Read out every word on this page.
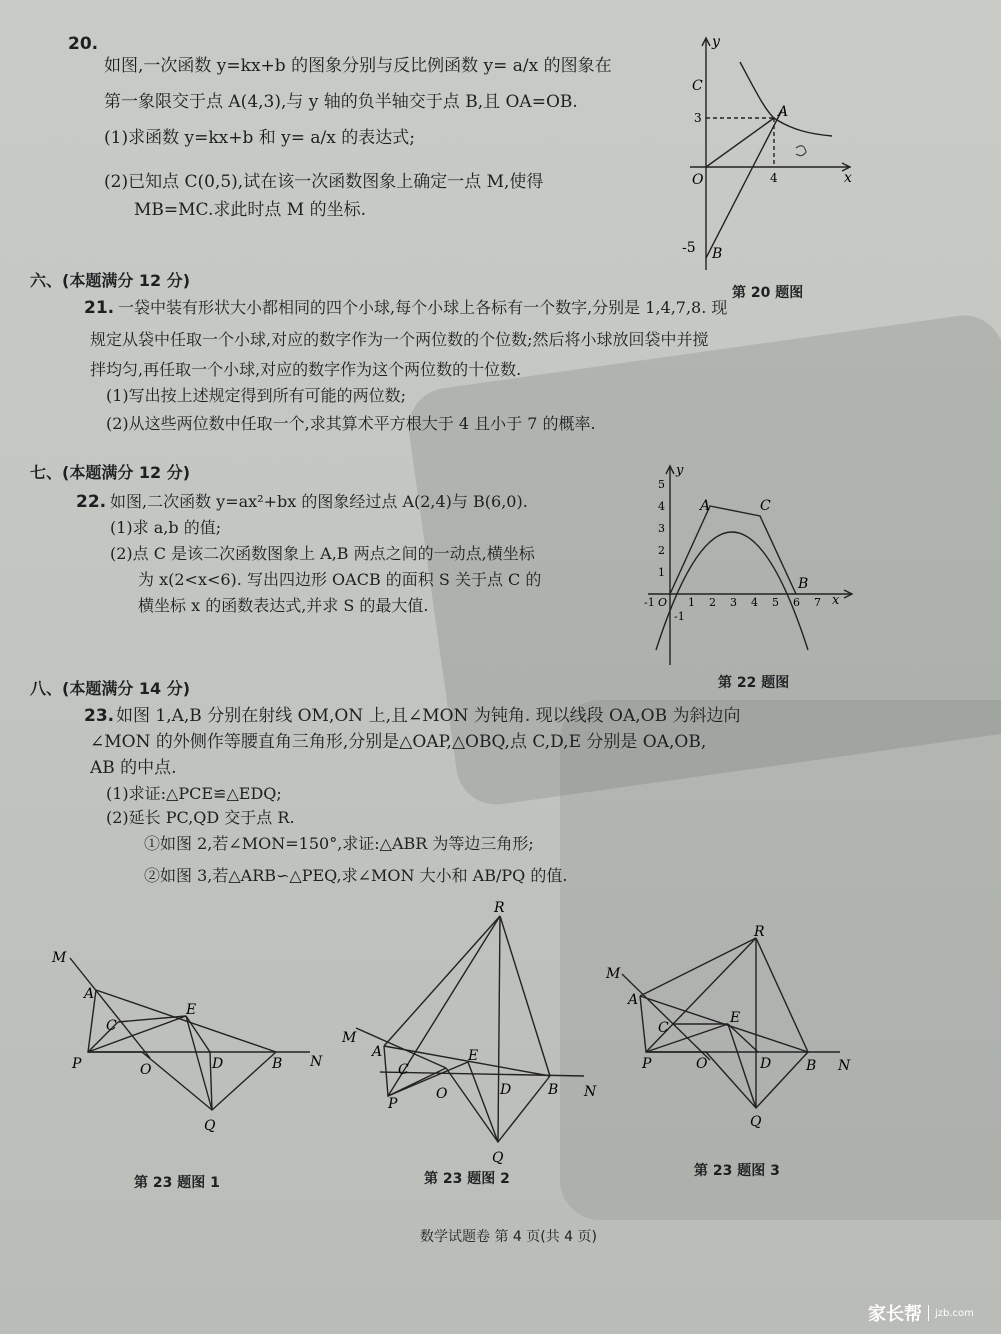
20.
如图,一次函数 y=kx+b 的图象分别与反比例函数 y= a/x 的图象在
第一象限交于点 A(4,3),与 y 轴的负半轴交于点 B,且 OA=OB.
(1)求函数 y=kx+b 和 y= a/x 的表达式;
(2)已知点 C(0,5),试在该一次函数图象上确定一点 M,使得
MB=MC.求此时点 M 的坐标.
y
x
C
A
O
B
3
4
-5
第 20 题图
六、(本题满分 12 分)
21. 一袋中装有形状大小都相同的四个小球,每个小球上各标有一个数字,分别是 1,4,7,8. 现
规定从袋中任取一个小球,对应的数字作为一个两位数的个位数;然后将小球放回袋中并搅
拌均匀,再任取一个小球,对应的数字作为这个两位数的十位数.
(1)写出按上述规定得到所有可能的两位数;
(2)从这些两位数中任取一个,求其算术平方根大于 4 且小于 7 的概率.
七、(本题满分 12 分)
22. 如图,二次函数 y=ax²+bx 的图象经过点 A(2,4)与 B(6,0).
(1)求 a,b 的值;
(2)点 C 是该二次函数图象上 A,B 两点之间的一动点,横坐标
为 x(2<x<6). 写出四边形 OACB 的面积 S 关于点 C 的
横坐标 x 的函数表达式,并求 S 的最大值.	1 2 3 4 5 6 7
1
2
3
4
5
y
x
A	C
B
-1 O
-1
第 22 题图
八、(本题满分 14 分)
23. 如图 1,A,B 分别在射线 OM,ON 上,且∠MON 为钝角. 现以线段 OA,OB 为斜边向
∠MON 的外侧作等腰直角三角形,分别是△OAP,△OBQ,点 C,D,E 分别是 OA,OB,
AB 的中点.
(1)求证:△PCE≌△EDQ;
(2)延长 PC,QD 交于点 R.
①如图 2,若∠MON=150°,求证:△ABR 为等边三角形;
②如图 3,若△ARB∽△PEQ,求∠MON 大小和 AB/PQ 的值.
M
A
C
E
P	O	D	B N
Q
第 23 题图 1
R
M
A
C
E
P
O	D	B N
Q
第 23 题图 2
R
M
A
C
E
P	O	D B N
Q
第 23 题图 3
数学试题卷 第 4 页(共 4 页)
家长帮 jzb.com
